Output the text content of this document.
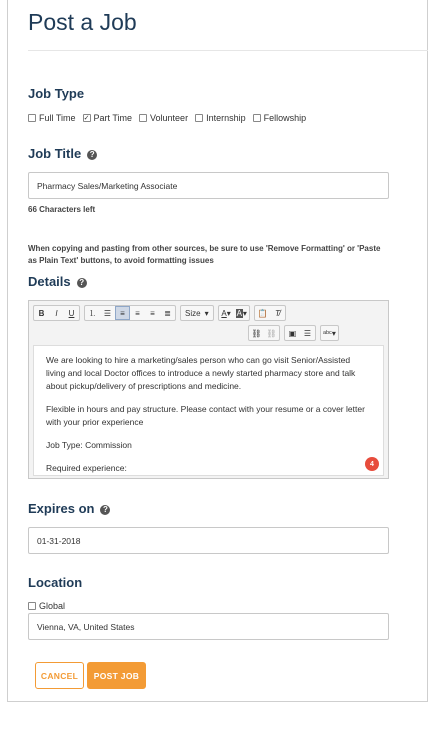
Post a Job
Job Type
Full Time ✓ Part Time Volunteer Internship Fellowship
Job Title ?
Pharmacy Sales/Marketing Associate
66 Characters left
When copying and pasting from other sources, be sure to use 'Remove Formatting' or 'Paste as Plain Text' buttons, to avoid formatting issues
Details ?
B	I	U	⒈ ☰	≡	≡	≡	≣	Size ▾ A ▾ A ▾	📋 T̸
⛓ ⛓	▣ ☰	ᵃᵇᶜ▾

We are looking to hire a marketing/sales person who can go visit Senior/Assisted living and local Doctor offices to introduce a newly started pharmacy store and talk about pickup/delivery of prescriptions and medicine.

Flexible in hours and pay structure. Please contact with your resume or a cover letter with your prior experience

Job Type: Commission

Required experience:	4
Expires on ?
01-31-2018
Location
Global
Vienna, VA, United States
CANCEL	POST JOB
